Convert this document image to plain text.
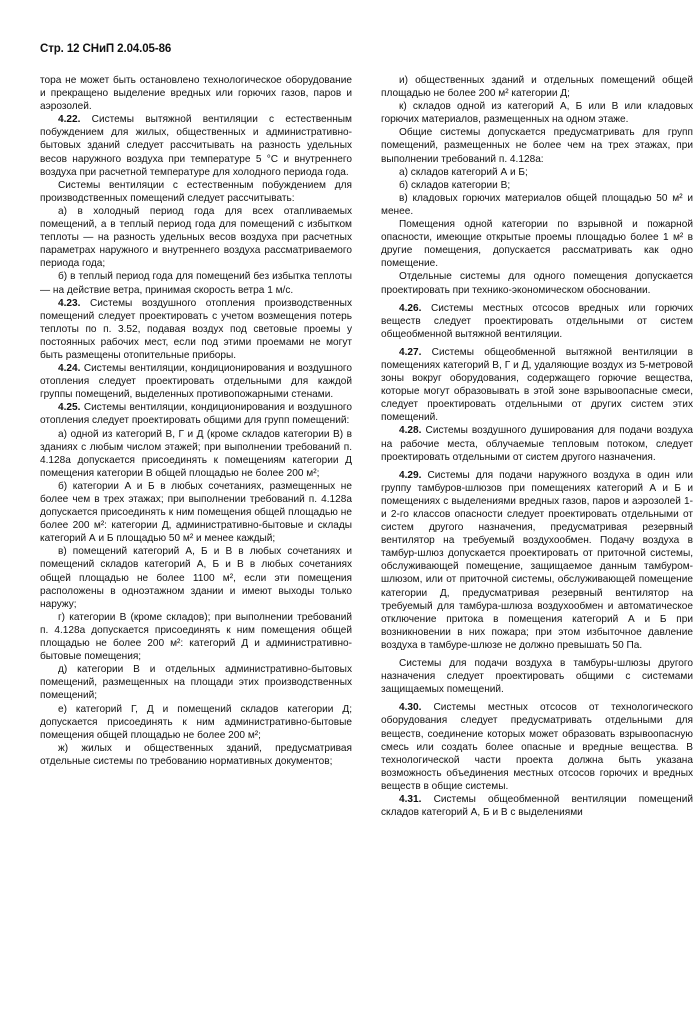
Стр. 12 СНиП 2.04.05-86

тора не может быть остановлено технологическое оборудование и прекращено выделение вредных или горючих газов, паров и аэрозолей.

4.22. Системы вытяжной вентиляции с естественным побуждением для жилых, общественных и административно-бытовых зданий следует рассчитывать на разность удельных весов наружного воздуха при температуре 5 °С и внутреннего воздуха при расчетной температуре для холодного периода года.

Системы вентиляции с естественным побуждением для производственных помещений следует рассчитывать:

а) в холодный период года для всех отапливаемых помещений, а в теплый период года для помещений с избытком теплоты — на разность удельных весов воздуха при расчетных параметрах наружного и внутреннего воздуха рассматриваемого периода года;

б) в теплый период года для помещений без избытка теплоты — на действие ветра, принимая скорость ветра 1 м/с.

4.23. Системы воздушного отопления производственных помещений следует проектировать с учетом возмещения потерь теплоты по п. 3.52, подавая воздух под световые проемы у постоянных рабочих мест, если под этими проемами не могут быть размещены отопительные приборы.

4.24. Системы вентиляции, кондиционирования и воздушного отопления следует проектировать отдельными для каждой группы помещений, выделенных противопожарными стенами.

4.25. Системы вентиляции, кондиционирования и воздушного отопления следует проектировать общими для групп помещений:

а) одной из категорий В, Г и Д (кроме складов категории В) в зданиях с любым числом этажей; при выполнении требований п. 4.128а допускается присоединять к помещениям категории Д помещения категории В общей площадью не более 200 м²;

б) категории А и Б в любых сочетаниях, размещенных не более чем в трех этажах; при выполнении требований п. 4.128а допускается присоединять к ним помещения общей площадью не более 200 м²: категории Д, административно-бытовые и склады категорий А и Б площадью 50 м² и менее каждый;

в) помещений категорий А, Б и В в любых сочетаниях и помещений складов категорий А, Б и В в любых сочетаниях общей площадью не более 1100 м², если эти помещения расположены в одноэтажном здании и имеют выходы только наружу;

г) категории В (кроме складов); при выполнении требований п. 4.128а допускается присоединять к ним помещения общей площадью не более 200 м²: категорий Д и административно-бытовые помещения;

д) категории В и отдельных административно-бытовых помещений, размещенных на площади этих производственных помещений;

е) категорий Г, Д и помещений складов категории Д; допускается присоединять к ним административно-бытовые помещения общей площадью не более 200 м²;

ж) жилых и общественных зданий, предусматривая отдельные системы по требованию нормативных документов;

и) общественных зданий и отдельных помещений общей площадью не более 200 м² категории Д;

к) складов одной из категорий А, Б или В или кладовых горючих материалов, размещенных на одном этаже.

Общие системы допускается предусматривать для групп помещений, размещенных не более чем на трех этажах, при выполнении требований п. 4.128а:

а) складов категорий А и Б;

б) складов категории В;

в) кладовых горючих материалов общей площадью 50 м² и менее.

Помещения одной категории по взрывной и пожарной опасности, имеющие открытые проемы площадью более 1 м² в другие помещения, допускается рассматривать как одно помещение.

Отдельные системы для одного помещения допускается проектировать при технико-экономическом обосновании.

4.26. Системы местных отсосов вредных или горючих веществ следует проектировать отдельными от систем общеобменной вытяжной вентиляции.

4.27. Системы общеобменной вытяжной вентиляции в помещениях категорий В, Г и Д, удаляющие воздух из 5-метровой зоны вокруг оборудования, содержащего горючие вещества, которые могут образовывать в этой зоне взрывоопасные смеси, следует проектировать отдельными от других систем этих помещений.

4.28. Системы воздушного душирования для подачи воздуха на рабочие места, облучаемые тепловым потоком, следует проектировать отдельными от систем другого назначения.

4.29. Системы для подачи наружного воздуха в один или группу тамбуров-шлюзов при помещениях категорий А и Б и помещениях с выделениями вредных газов, паров и аэрозолей 1- и 2-го классов опасности следует проектировать отдельными от систем другого назначения, предусматривая резервный вентилятор на требуемый воздухообмен. Подачу воздуха в тамбур-шлюз допускается проектировать от приточной системы, обслуживающей помещение, защищаемое данным тамбуром-шлюзом, или от приточной системы, обслуживающей помещение категории Д, предусматривая резервный вентилятор на требуемый для тамбура-шлюза воздухообмен и автоматическое отключение притока в помещения категорий А и Б при возникновении в них пожара; при этом избыточное давление воздуха в тамбуре-шлюзе не должно превышать 50 Па.

Системы для подачи воздуха в тамбуры-шлюзы другого назначения следует проектировать общими с системами защищаемых помещений.

4.30. Системы местных отсосов от технологического оборудования следует предусматривать отдельными для веществ, соединение которых может образовать взрывоопасную смесь или создать более опасные и вредные вещества. В технологической части проекта должна быть указана возможность объединения местных отсосов горючих и вредных веществ в общие системы.

4.31. Системы общеобменной вентиляции помещений складов категорий А, Б и В с выделениями
